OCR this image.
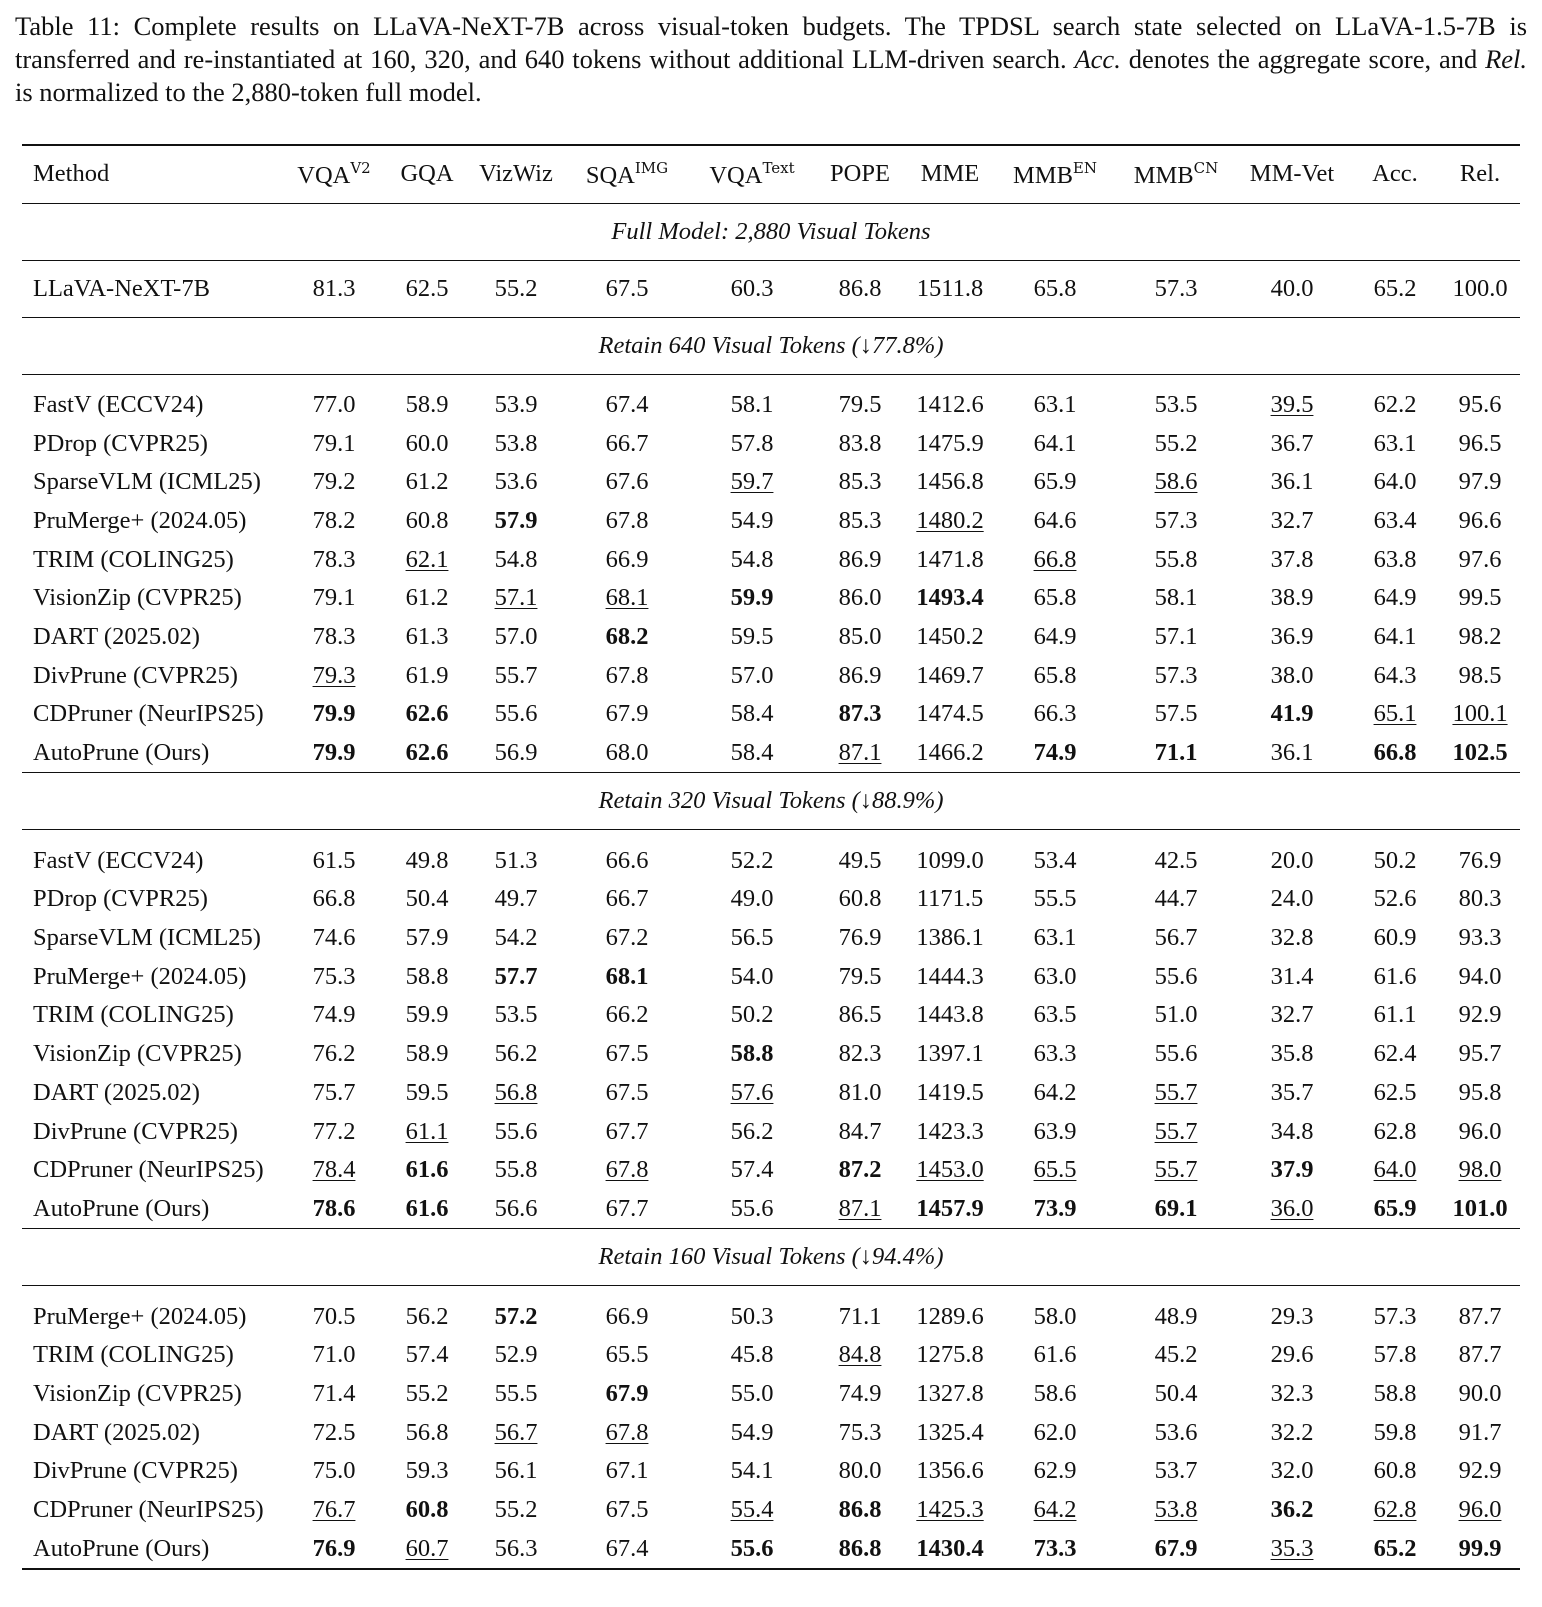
Table 11: Complete results on LLaVA-NeXT-7B across visual-token budgets. The TPDSL search state selected on LLaVA-1.5-7B is transferred and re-instantiated at 160, 320, and 640 tokens without additional LLM-driven search. Acc. denotes the aggregate score, and Rel. is normalized to the 2,880-token full model.
Method	$VQA^{V2}$	GQA	VizWiz	$SQA^{IMG}$	$VQA^{Text}$	POPE	MME	$MMB^{EN}$	$MMB^{CN}$	MM-Vet	Acc.	Rel.
Full Model: 2,880 Visual Tokens												
LLaVA-NeXT-7B	81.3	62.5	55.2	67.5	60.3	86.8	1511.8	65.8	57.3	40.0	65.2	100.0
Retain 640 Visual Tokens (↓77.8%)												

FastV (ECCV24)	77.0	58.9	53.9	67.4	58.1	79.5	1412.6	63.1	53.5	39.5	62.2	95.6
PDrop (CVPR25)	79.1	60.0	53.8	66.7	57.8	83.8	1475.9	64.1	55.2	36.7	63.1	96.5
SparseVLM (ICML25)	79.2	61.2	53.6	67.6	59.7	85.3	1456.8	65.9	58.6	36.1	64.0	97.9
PruMerge+ (2024.05)	78.2	60.8	57.9	67.8	54.9	85.3	1480.2	64.6	57.3	32.7	63.4	96.6
TRIM (COLING25)	78.3	62.1	54.8	66.9	54.8	86.9	1471.8	66.8	55.8	37.8	63.8	97.6
VisionZip (CVPR25)	79.1	61.2	57.1	68.1	59.9	86.0	1493.4	65.8	58.1	38.9	64.9	99.5
DART (2025.02)	78.3	61.3	57.0	68.2	59.5	85.0	1450.2	64.9	57.1	36.9	64.1	98.2
DivPrune (CVPR25)	79.3	61.9	55.7	67.8	57.0	86.9	1469.7	65.8	57.3	38.0	64.3	98.5
CDPruner (NeurIPS25)	79.9	62.6	55.6	67.9	58.4	87.3	1474.5	66.3	57.5	41.9	65.1	100.1
AutoPrune (Ours)	79.9	62.6	56.9	68.0	58.4	87.1	1466.2	74.9	71.1	36.1	66.8	102.5
Retain 320 Visual Tokens (↓88.9%)												

FastV (ECCV24)	61.5	49.8	51.3	66.6	52.2	49.5	1099.0	53.4	42.5	20.0	50.2	76.9
PDrop (CVPR25)	66.8	50.4	49.7	66.7	49.0	60.8	1171.5	55.5	44.7	24.0	52.6	80.3
SparseVLM (ICML25)	74.6	57.9	54.2	67.2	56.5	76.9	1386.1	63.1	56.7	32.8	60.9	93.3
PruMerge+ (2024.05)	75.3	58.8	57.7	68.1	54.0	79.5	1444.3	63.0	55.6	31.4	61.6	94.0
TRIM (COLING25)	74.9	59.9	53.5	66.2	50.2	86.5	1443.8	63.5	51.0	32.7	61.1	92.9
VisionZip (CVPR25)	76.2	58.9	56.2	67.5	58.8	82.3	1397.1	63.3	55.6	35.8	62.4	95.7
DART (2025.02)	75.7	59.5	56.8	67.5	57.6	81.0	1419.5	64.2	55.7	35.7	62.5	95.8
DivPrune (CVPR25)	77.2	61.1	55.6	67.7	56.2	84.7	1423.3	63.9	55.7	34.8	62.8	96.0
CDPruner (NeurIPS25)	78.4	61.6	55.8	67.8	57.4	87.2	1453.0	65.5	55.7	37.9	64.0	98.0
AutoPrune (Ours)	78.6	61.6	56.6	67.7	55.6	87.1	1457.9	73.9	69.1	36.0	65.9	101.0
Retain 160 Visual Tokens (↓94.4%)												

PruMerge+ (2024.05)	70.5	56.2	57.2	66.9	50.3	71.1	1289.6	58.0	48.9	29.3	57.3	87.7
TRIM (COLING25)	71.0	57.4	52.9	65.5	45.8	84.8	1275.8	61.6	45.2	29.6	57.8	87.7
VisionZip (CVPR25)	71.4	55.2	55.5	67.9	55.0	74.9	1327.8	58.6	50.4	32.3	58.8	90.0
DART (2025.02)	72.5	56.8	56.7	67.8	54.9	75.3	1325.4	62.0	53.6	32.2	59.8	91.7
DivPrune (CVPR25)	75.0	59.3	56.1	67.1	54.1	80.0	1356.6	62.9	53.7	32.0	60.8	92.9
CDPruner (NeurIPS25)	76.7	60.8	55.2	67.5	55.4	86.8	1425.3	64.2	53.8	36.2	62.8	96.0
AutoPrune (Ours)	76.9	60.7	56.3	67.4	55.6	86.8	1430.4	73.3	67.9	35.3	65.2	99.9
